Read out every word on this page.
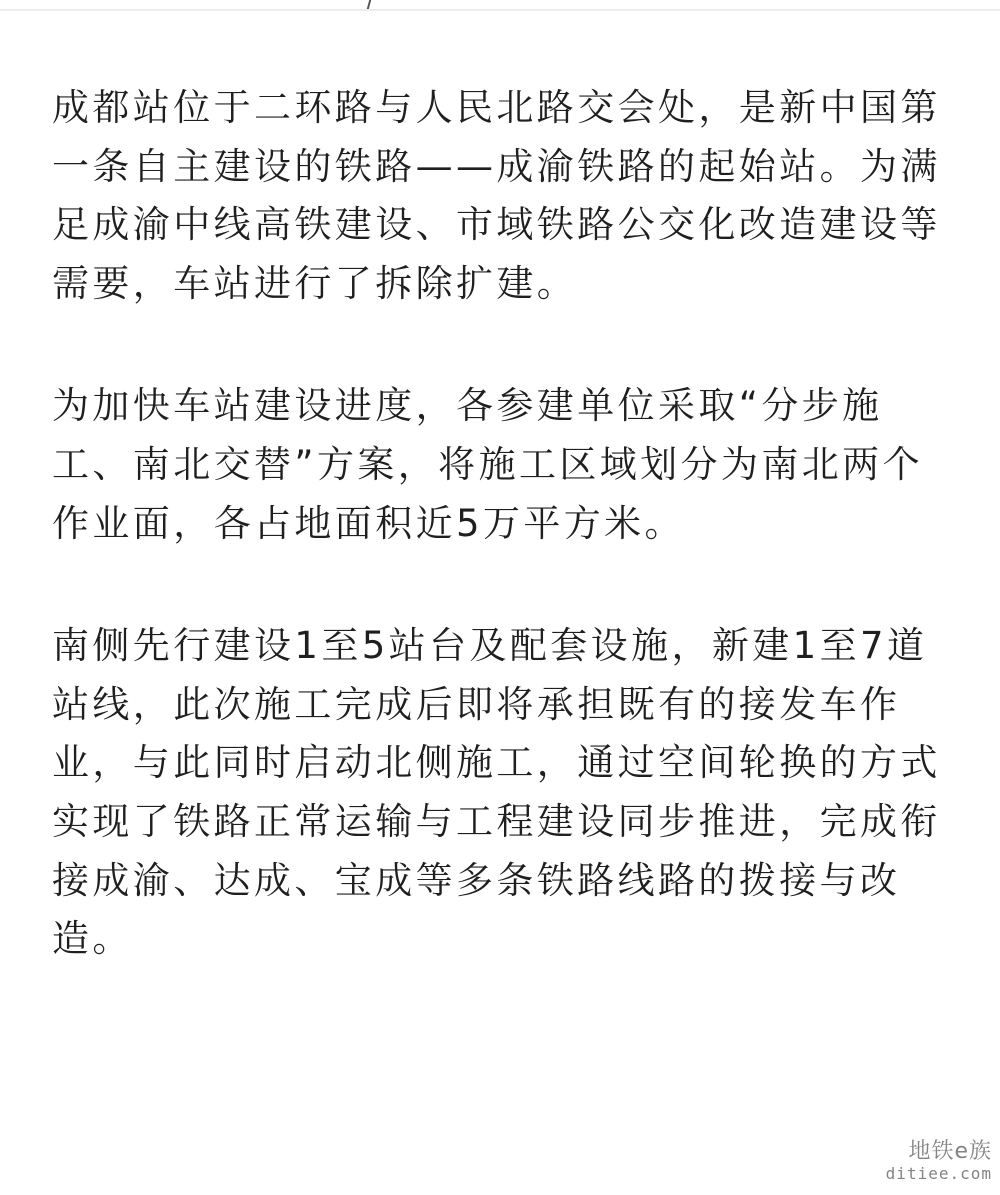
成都站位于二环路与人民北路交会处，是新中国第一条自主建设的铁路——成渝铁路的起始站。为满足成渝中线高铁建设、市域铁路公交化改造建设等需要，车站进行了拆除扩建。

为加快车站建设进度，各参建单位采取“分步施工、南北交替”方案，将施工区域划分为南北两个作业面，各占地面积近5万平方米。

南侧先行建设1至5站台及配套设施，新建1至7道站线，此次施工完成后即将承担既有的接发车作业，与此同时启动北侧施工，通过空间轮换的方式实现了铁路正常运输与工程建设同步推进，完成衔接成渝、达成、宝成等多条铁路线路的拨接与改造。

地铁e族
ditiee.com
